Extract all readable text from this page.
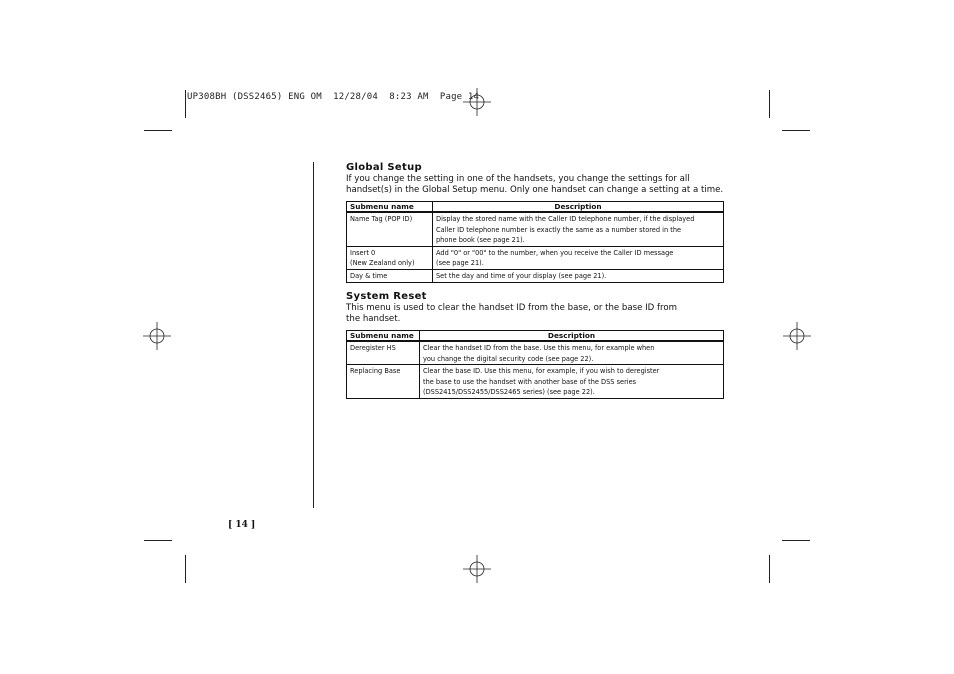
UP308BH (DSS2465) ENG OM  12/28/04  8:23 AM  Page 14
Global Setup

If you change the setting in one of the handsets, you change the settings for all
handset(s) in the Global Setup menu. Only one handset can change a setting at a time.

Submenu name	Description
Name Tag (POP ID)	Display the stored name with the Caller ID telephone number, if the displayed
Caller ID telephone number is exactly the same as a number stored in the
phone book (see page 21).
Insert 0
(New Zealand only)	Add "0" or "00" to the number, when you receive the Caller ID message
(see page 21).
Day & time	Set the day and time of your display (see page 21).
System Reset

This menu is used to clear the handset ID from the base, or the base ID from
the handset.

Submenu name	Description
Deregister HS	Clear the handset ID from the base. Use this menu, for example when
you change the digital security code (see page 22).
Replacing Base	Clear the base ID. Use this menu, for example, if you wish to deregister
the base to use the handset with another base of the DSS series
(DSS2415/DSS2455/DSS2465 series) (see page 22).
[ 14 ]
